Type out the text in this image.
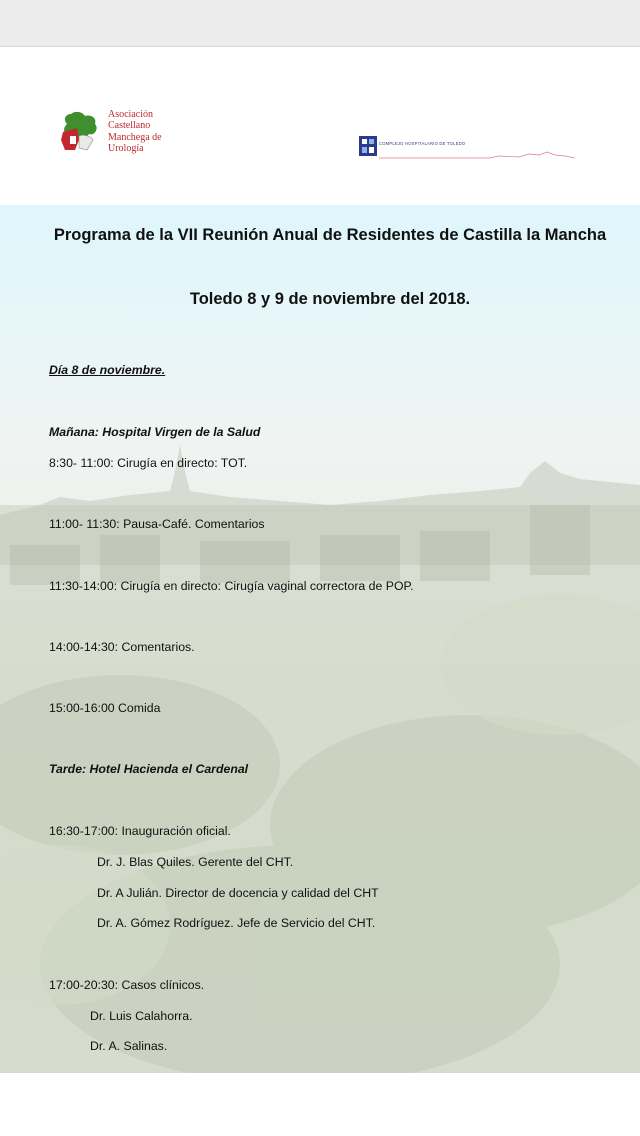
Asociación
Castellano
Manchega de
Urología	COMPLEJO HOSPITALARIO DE TOLEDO
Programa de la VII Reunión Anual de Residentes de Castilla la Mancha
Toledo 8 y 9 de noviembre del 2018.
Día 8 de noviembre.
Mañana: Hospital Virgen de la Salud
8:30- 11:00: Cirugía en directo: TOT.
11:00- 11:30: Pausa-Café. Comentarios
11:30-14:00: Cirugía en directo: Cirugía vaginal correctora de POP.
14:00-14:30: Comentarios.
15:00-16:00 Comida
Tarde: Hotel Hacienda el Cardenal
16:30-17:00: Inauguración oficial.
Dr. J. Blas Quiles. Gerente del CHT.
Dr. A Julián. Director de docencia y calidad del CHT
Dr. A. Gómez Rodríguez. Jefe de Servicio del CHT.
17:00-20:30: Casos clínicos.
Dr. Luis Calahorra.
Dr. A. Salinas.
